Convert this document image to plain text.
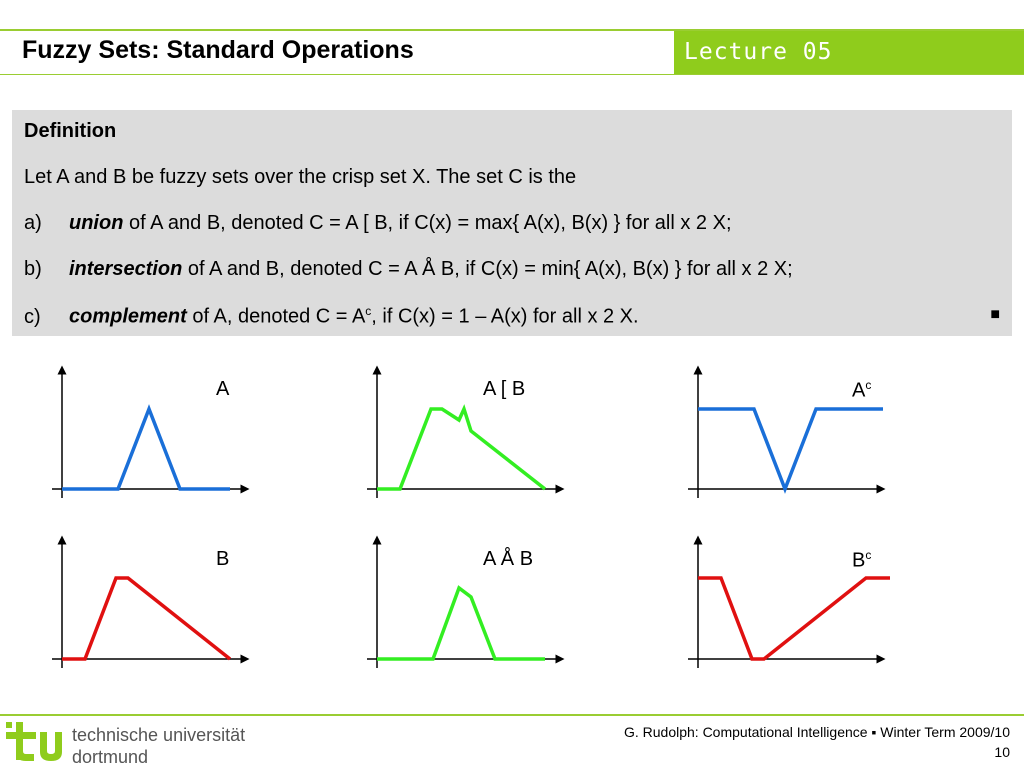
Fuzzy Sets: Standard Operations	Lecture 05
Definition
Let A and B be fuzzy sets over the crisp set X. The set C is the
a) union of A and B, denoted C = A [ B, if C(x) = max{ A(x), B(x) } for all x 2 X;
b) intersection of A and B, denoted C = A Å B, if C(x) = min{ A(x), B(x) } for all x 2 X;
c) complement of A, denoted $C = A^c$, if C(x) = 1 – A(x) for all x 2 X.	■
A	A [ B	$A^c$
B	A Å B	$B^c$
technische universität
dortmund
G. Rudolph: Computational Intelligence ▪ Winter Term 2009/10
10
